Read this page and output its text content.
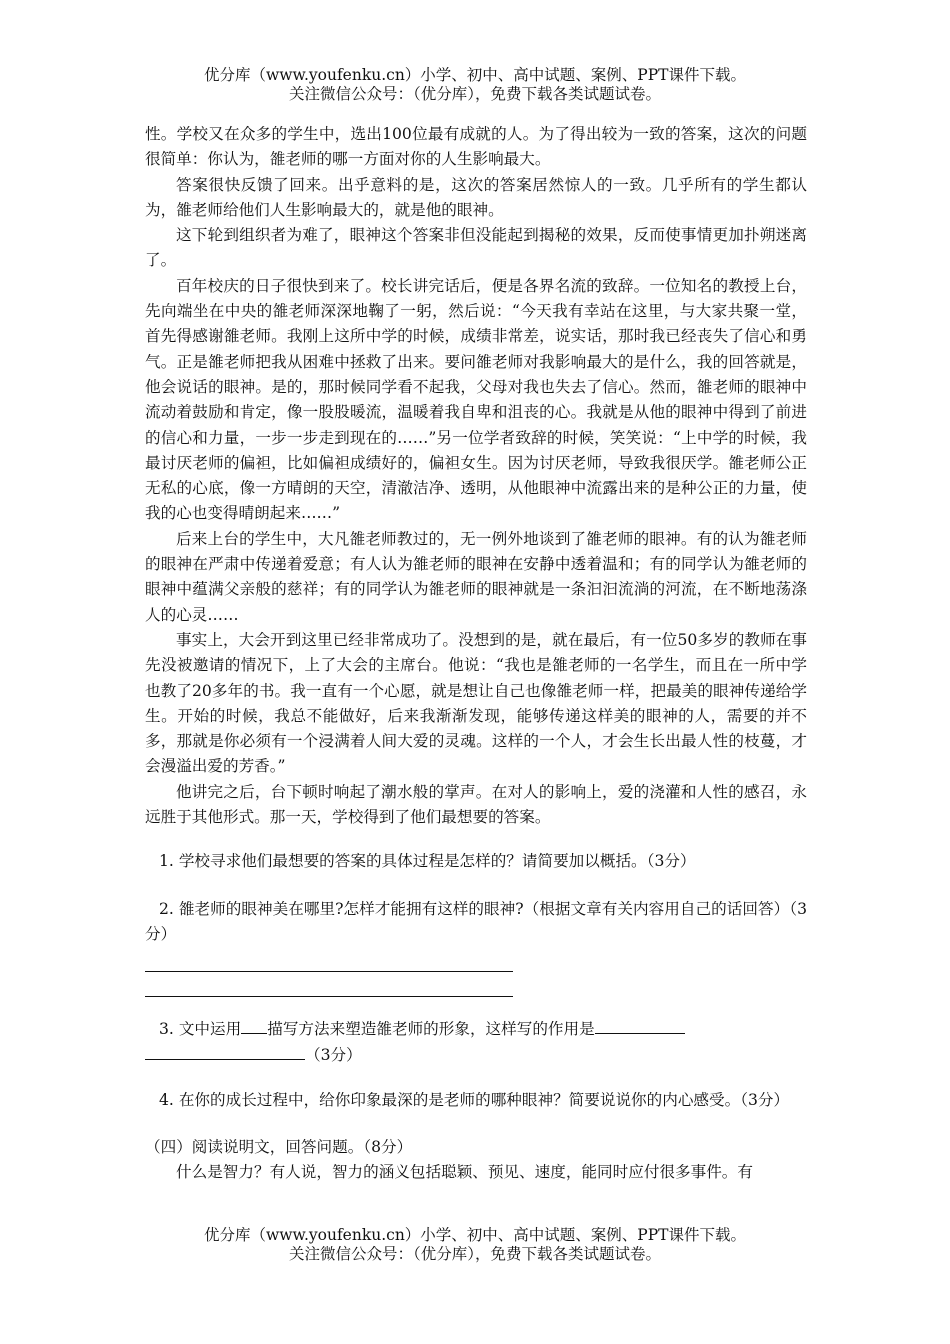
优分库（www.youfenku.cn）小学、初中、高中试题、案例、PPT课件下载。
关注微信公众号：（优分库），免费下载各类试题试卷。

性。学校又在众多的学生中，选出100位最有成就的人。为了得出较为一致的答案，这次的问题很简单：你认为，雒老师的哪一方面对你的人生影响最大。

答案很快反馈了回来。出乎意料的是，这次的答案居然惊人的一致。几乎所有的学生都认为，雒老师给他们人生影响最大的，就是他的眼神。

这下轮到组织者为难了，眼神这个答案非但没能起到揭秘的效果，反而使事情更加扑朔迷离了。

百年校庆的日子很快到来了。校长讲完话后，便是各界名流的致辞。一位知名的教授上台，先向端坐在中央的雒老师深深地鞠了一躬，然后说：“今天我有幸站在这里，与大家共聚一堂，首先得感谢雒老师。我刚上这所中学的时候，成绩非常差，说实话，那时我已经丧失了信心和勇气。正是雒老师把我从困难中拯救了出来。要问雒老师对我影响最大的是什么，我的回答就是，他会说话的眼神。是的，那时候同学看不起我，父母对我也失去了信心。然而，雒老师的眼神中流动着鼓励和肯定，像一股股暖流，温暖着我自卑和沮丧的心。我就是从他的眼神中得到了前进的信心和力量，一步一步走到现在的……”另一位学者致辞的时候，笑笑说：“上中学的时候，我最讨厌老师的偏袒，比如偏袒成绩好的，偏袒女生。因为讨厌老师，导致我很厌学。雒老师公正无私的心底，像一方晴朗的天空，清澈洁净、透明，从他眼神中流露出来的是种公正的力量，使我的心也变得晴朗起来……”

后来上台的学生中，大凡雒老师教过的，无一例外地谈到了雒老师的眼神。有的认为雒老师的眼神在严肃中传递着爱意；有人认为雒老师的眼神在安静中透着温和；有的同学认为雒老师的眼神中蕴满父亲般的慈祥；有的同学认为雒老师的眼神就是一条汩汩流淌的河流，在不断地荡涤人的心灵……

事实上，大会开到这里已经非常成功了。没想到的是，就在最后，有一位50多岁的教师在事先没被邀请的情况下，上了大会的主席台。他说：“我也是雒老师的一名学生，而且在一所中学也教了20多年的书。我一直有一个心愿，就是想让自己也像雒老师一样，把最美的眼神传递给学生。开始的时候，我总不能做好，后来我渐渐发现，能够传递这样美的眼神的人，需要的并不多，那就是你必须有一个浸满着人间大爱的灵魂。这样的一个人，才会生长出最人性的枝蔓，才会漫溢出爱的芳香。”

他讲完之后，台下顿时响起了潮水般的掌声。在对人的影响上，爱的浇灌和人性的感召，永远胜于其他形式。那一天，学校得到了他们最想要的答案。

1. 学校寻求他们最想要的答案的具体过程是怎样的？请简要加以概括。（3分）

2. 雒老师的眼神美在哪里?怎样才能拥有这样的眼神?（根据文章有关内容用自己的话回答）（3分）

3. 文中运用 描写方法来塑造雒老师的形象，这样写的作用是
（3分）

4. 在你的成长过程中，给你印象最深的是老师的哪种眼神？简要说说你的内心感受。（3分）

（四）阅读说明文，回答问题。（8分）

什么是智力？有人说，智力的涵义包括聪颖、预见、速度，能同时应付很多事件。有

优分库（www.youfenku.cn）小学、初中、高中试题、案例、PPT课件下载。
关注微信公众号：（优分库），免费下载各类试题试卷。
